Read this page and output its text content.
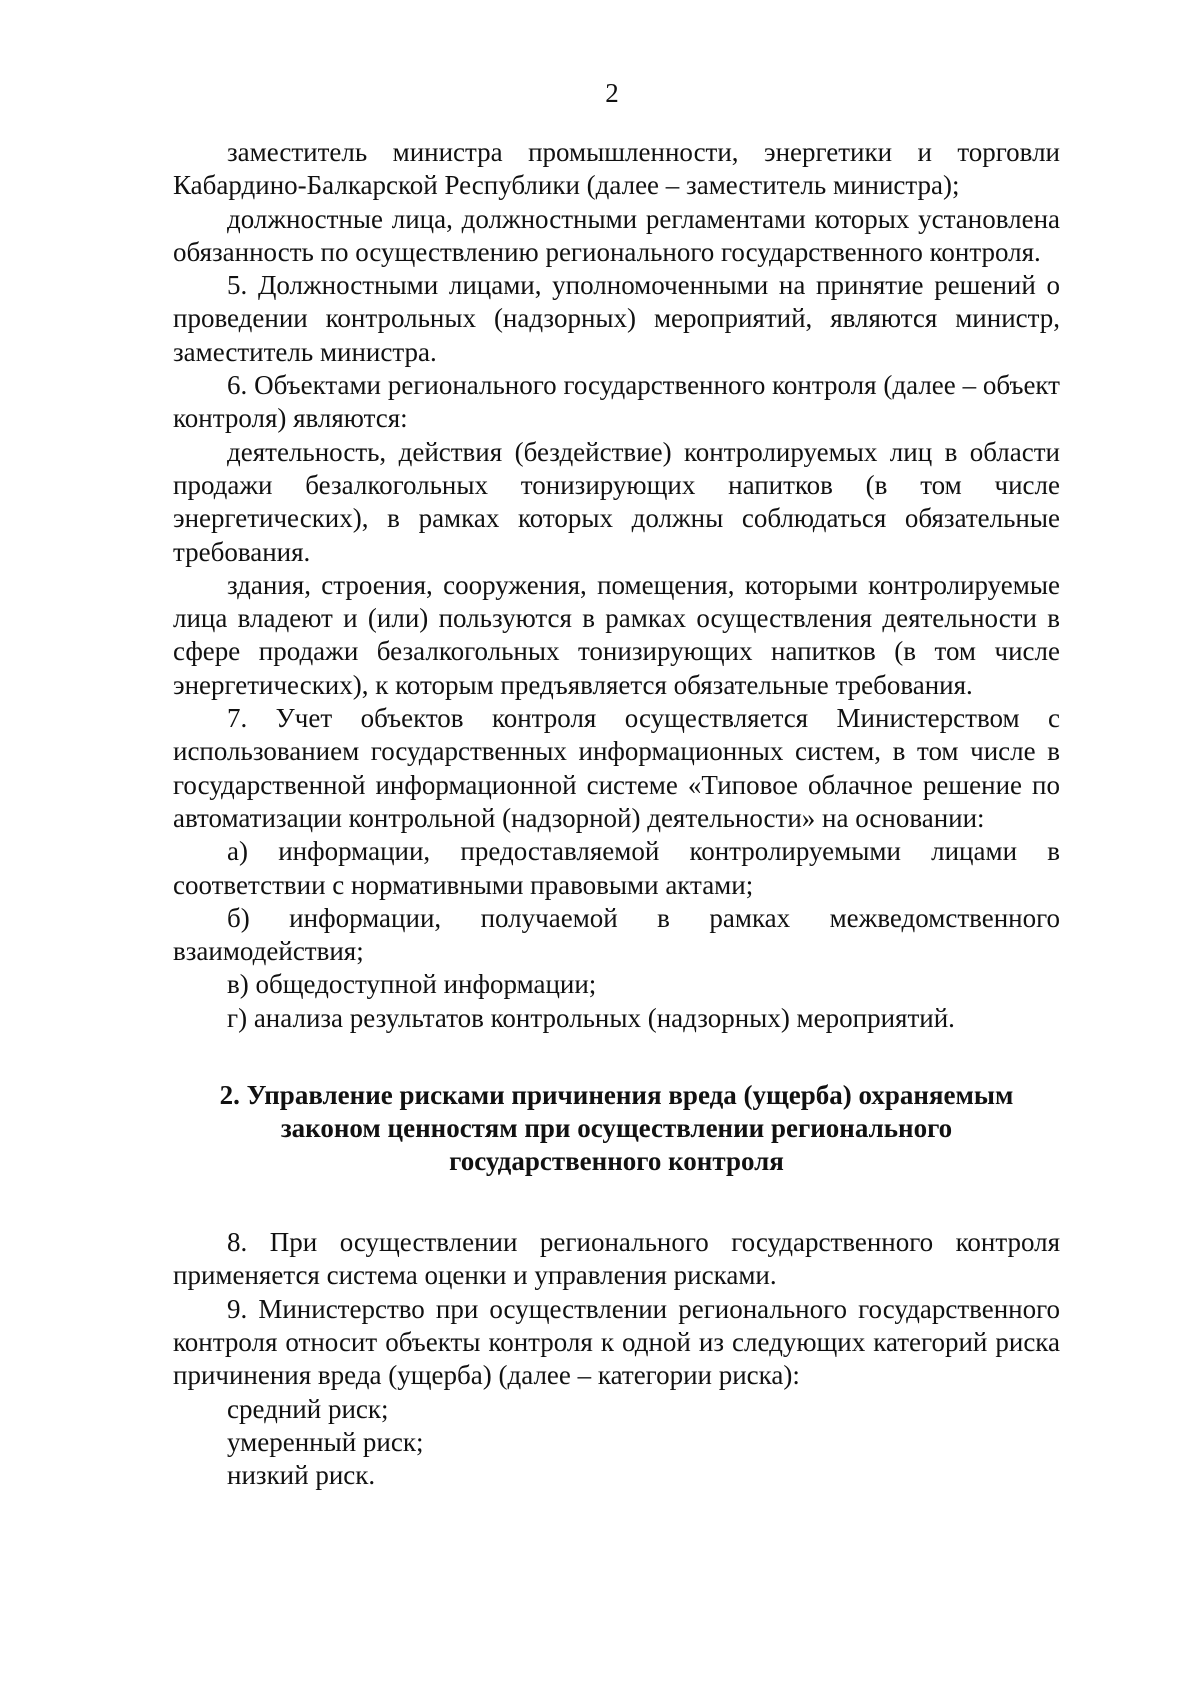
2

заместитель министра промышленности, энергетики и торговли Кабардино-Балкарской Республики (далее – заместитель министра);

должностные лица, должностными регламентами которых установлена обязанность по осуществлению регионального государственного контроля.

5. Должностными лицами, уполномоченными на принятие решений о проведении контрольных (надзорных) мероприятий, являются министр, заместитель министра.

6. Объектами регионального государственного контроля (далее – объект контроля) являются:

деятельность, действия (бездействие) контролируемых лиц в области продажи безалкогольных тонизирующих напитков (в том числе энергетических), в рамках которых должны соблюдаться обязательные требования.

здания, строения, сооружения, помещения, которыми контролируемые лица владеют и (или) пользуются в рамках осуществления деятельности в сфере продажи безалкогольных тонизирующих напитков (в том числе энергетических), к которым предъявляется обязательные требования.

7. Учет объектов контроля осуществляется Министерством с использованием государственных информационных систем, в том числе в государственной информационной системе «Типовое облачное решение по автоматизации контрольной (надзорной) деятельности» на основании:

а) информации, предоставляемой контролируемыми лицами в соответствии с нормативными правовыми актами;

б) информации, получаемой в рамках межведомственного взаимодействия;

в) общедоступной информации;

г) анализа результатов контрольных (надзорных) мероприятий.

2. Управление рисками причинения вреда (ущерба) охраняемым
законом ценностям при осуществлении регионального
государственного контроля

8. При осуществлении регионального государственного контроля применяется система оценки и управления рисками.

9. Министерство при осуществлении регионального государственного контроля относит объекты контроля к одной из следующих категорий риска причинения вреда (ущерба) (далее – категории риска):

средний риск;

умеренный риск;

низкий риск.
